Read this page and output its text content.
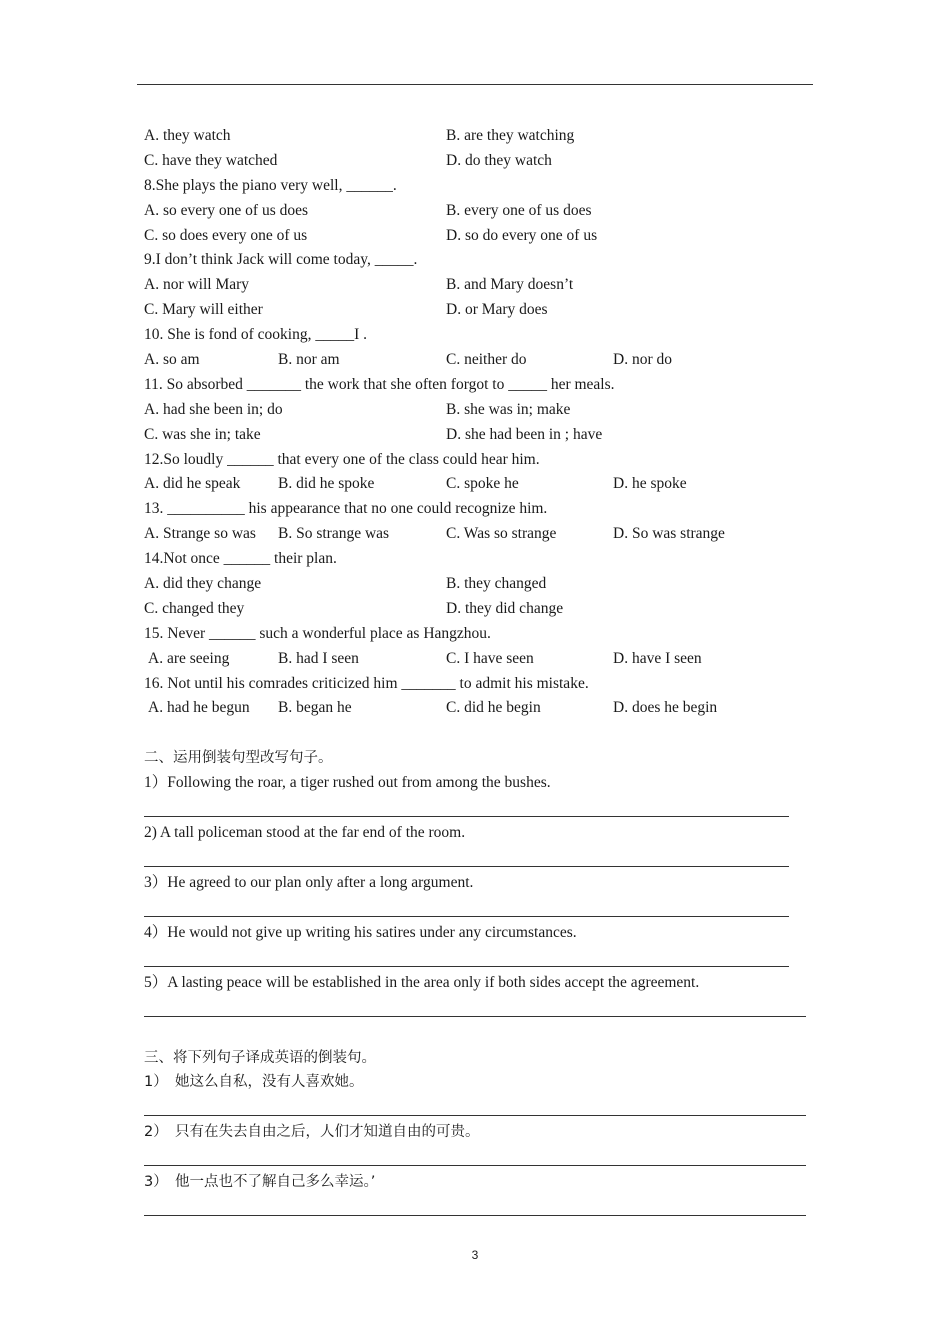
A. they watch

	B. are they watching

C. have they watched

	D. do they watch

8.She plays the piano very well, ______.

A. so every one of us does

	B. every one of us does

C. so does every one of us

	D. so do every one of us

9.I don’t think Jack will come today, _____.

A. nor will Mary

	B. and Mary doesn’t

C. Mary will either

	D. or Mary does

10. She is fond of cooking, _____I .

A. so am

	B. nor am

	C. neither do

	D. nor do

11. So absorbed _______ the work that she often forgot to _____ her meals.

A. had she been in; do

	B. she was in; make

C. was she in; take

	D. she had been in ; have

12.So loudly ______ that every one of the class could hear him.

A. did he speak

B. did he spoke

	C. spoke he

	D. he spoke

13. __________ his appearance that no one could recognize him.

A. Strange so was

B. So strange was

	C. Was so strange

	D. So was strange

14.Not once ______ their plan.

A. did they change

	B. they changed

C. changed they

	D. they did change

15. Never ______ such a wonderful place as Hangzhou.

A. are seeing

	B. had I seen

	C. I have seen

	D. have I seen

16. Not until his comrades criticized him _______ to admit his mistake.

A. had he begun

B. began he

	C. did he begin

	D. does he begin

二、运用倒装句型改写句子。
1）Following the roar, a tiger rushed out from among the bushes.
2) A tall policeman stood at the far end of the room.
3）He agreed to our plan only after a long argument.
4）He would not give up writing his satires under any circumstances.
5）A lasting peace will be established in the area only if both sides accept the agreement.
三、将下列句子译成英语的倒装句。
1）　她这么自私，没有人喜欢她。
2）　只有在失去自由之后，人们才知道自由的可贵。
3）　他一点也不了解自己多么幸运。’
3
